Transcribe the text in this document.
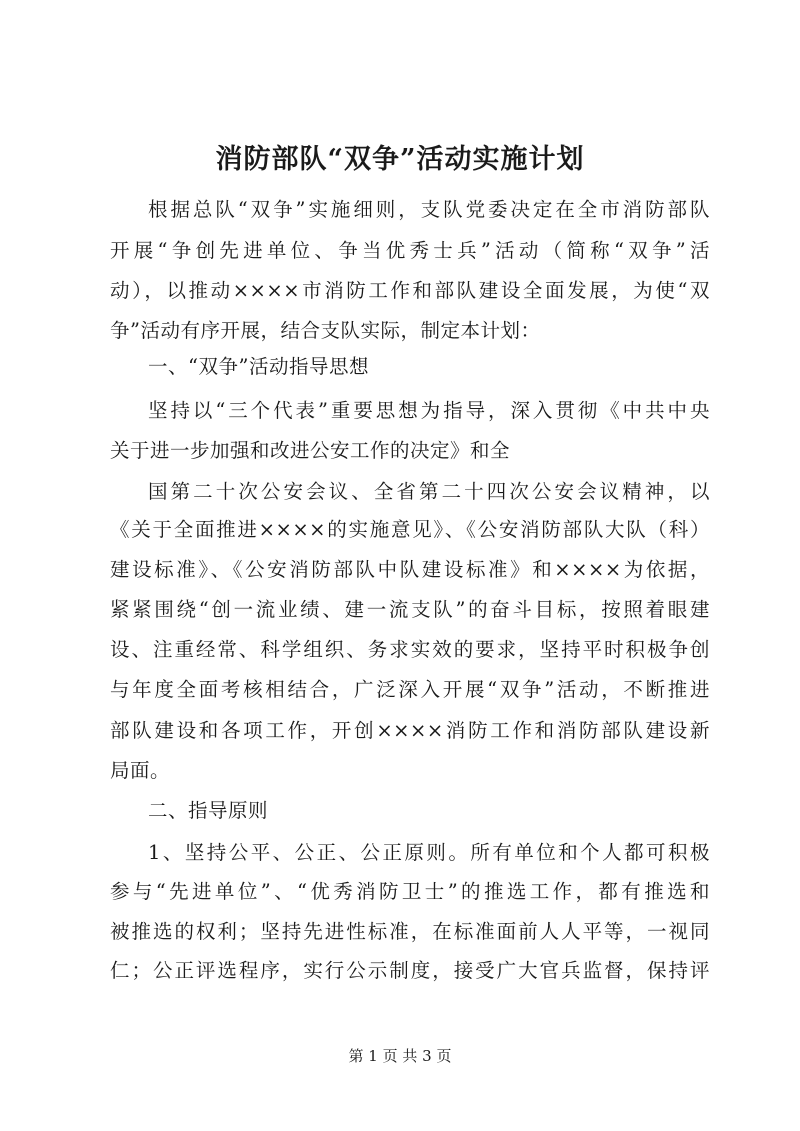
消防部队“双争”活动实施计划
根据总队“双争”实施细则，支队党委决定在全市消防部队
开展“争创先进单位、争当优秀士兵”活动（简称“双争”活
动），以推动××××市消防工作和部队建设全面发展，为使“双
争”活动有序开展，结合支队实际，制定本计划：
一、“双争”活动指导思想
坚持以“三个代表”重要思想为指导，深入贯彻《中共中央
关于进一步加强和改进公安工作的决定》和全
国第二十次公安会议、全省第二十四次公安会议精神，以
《关于全面推进××××的实施意见》、《公安消防部队大队（科）
建设标准》、《公安消防部队中队建设标准》和××××为依据，
紧紧围绕“创一流业绩、建一流支队”的奋斗目标，按照着眼建
设、注重经常、科学组织、务求实效的要求，坚持平时积极争创
与年度全面考核相结合，广泛深入开展“双争”活动，不断推进
部队建设和各项工作，开创××××消防工作和消防部队建设新
局面。
二、指导原则
1、坚持公平、公正、公正原则。所有单位和个人都可积极
参与“先进单位”、“优秀消防卫士”的推选工作，都有推选和
被推选的权利；坚持先进性标准，在标准面前人人平等，一视同
仁；公正评选程序，实行公示制度，接受广大官兵监督，保持评
第 1 页 共 3 页
